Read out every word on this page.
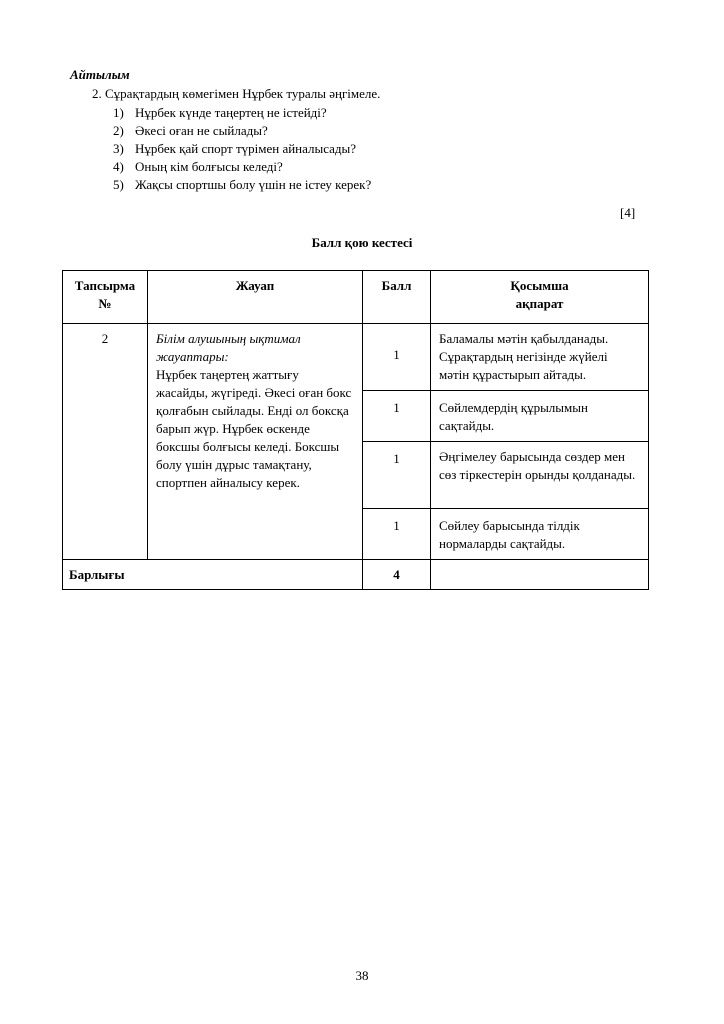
Айтылым
2. Сұрақтардың көмегімен Нұрбек туралы әңгімеле.
1) Нұрбек күнде таңертең не істейді?
2) Әкесі оған не сыйлады?
3) Нұрбек қай спорт түрімен айналысады?
4) Оның кім болғысы келеді?
5) Жақсы спортшы болу үшін не істеу керек?
[4]
Балл қою кестесі
Тапсырма
№	Жауап	Балл	Қосымша
ақпарат
2	Білім алушының ықтимал жауаптары:
Нұрбек таңертең жаттығу жасайды, жүгіреді. Әкесі оған бокс қолғабын сыйлады. Енді ол боксқа барып жүр. Нұрбек өскенде боксшы болғысы келеді. Боксшы болу үшін дұрыс тамақтану, спортпен айналысу керек.	1	Баламалы мәтін қабылданады. Сұрақтардың негізінде жүйелі мәтін құрастырып айтады.
		1	Сөйлемдердің құрылымын сақтайды.
		1	Әңгімелеу барысында сөздер мен сөз тіркестерін орынды қолданады.
		1	Сөйлеу барысында тілдік нормаларды сақтайды.
Барлығы		4	
38
